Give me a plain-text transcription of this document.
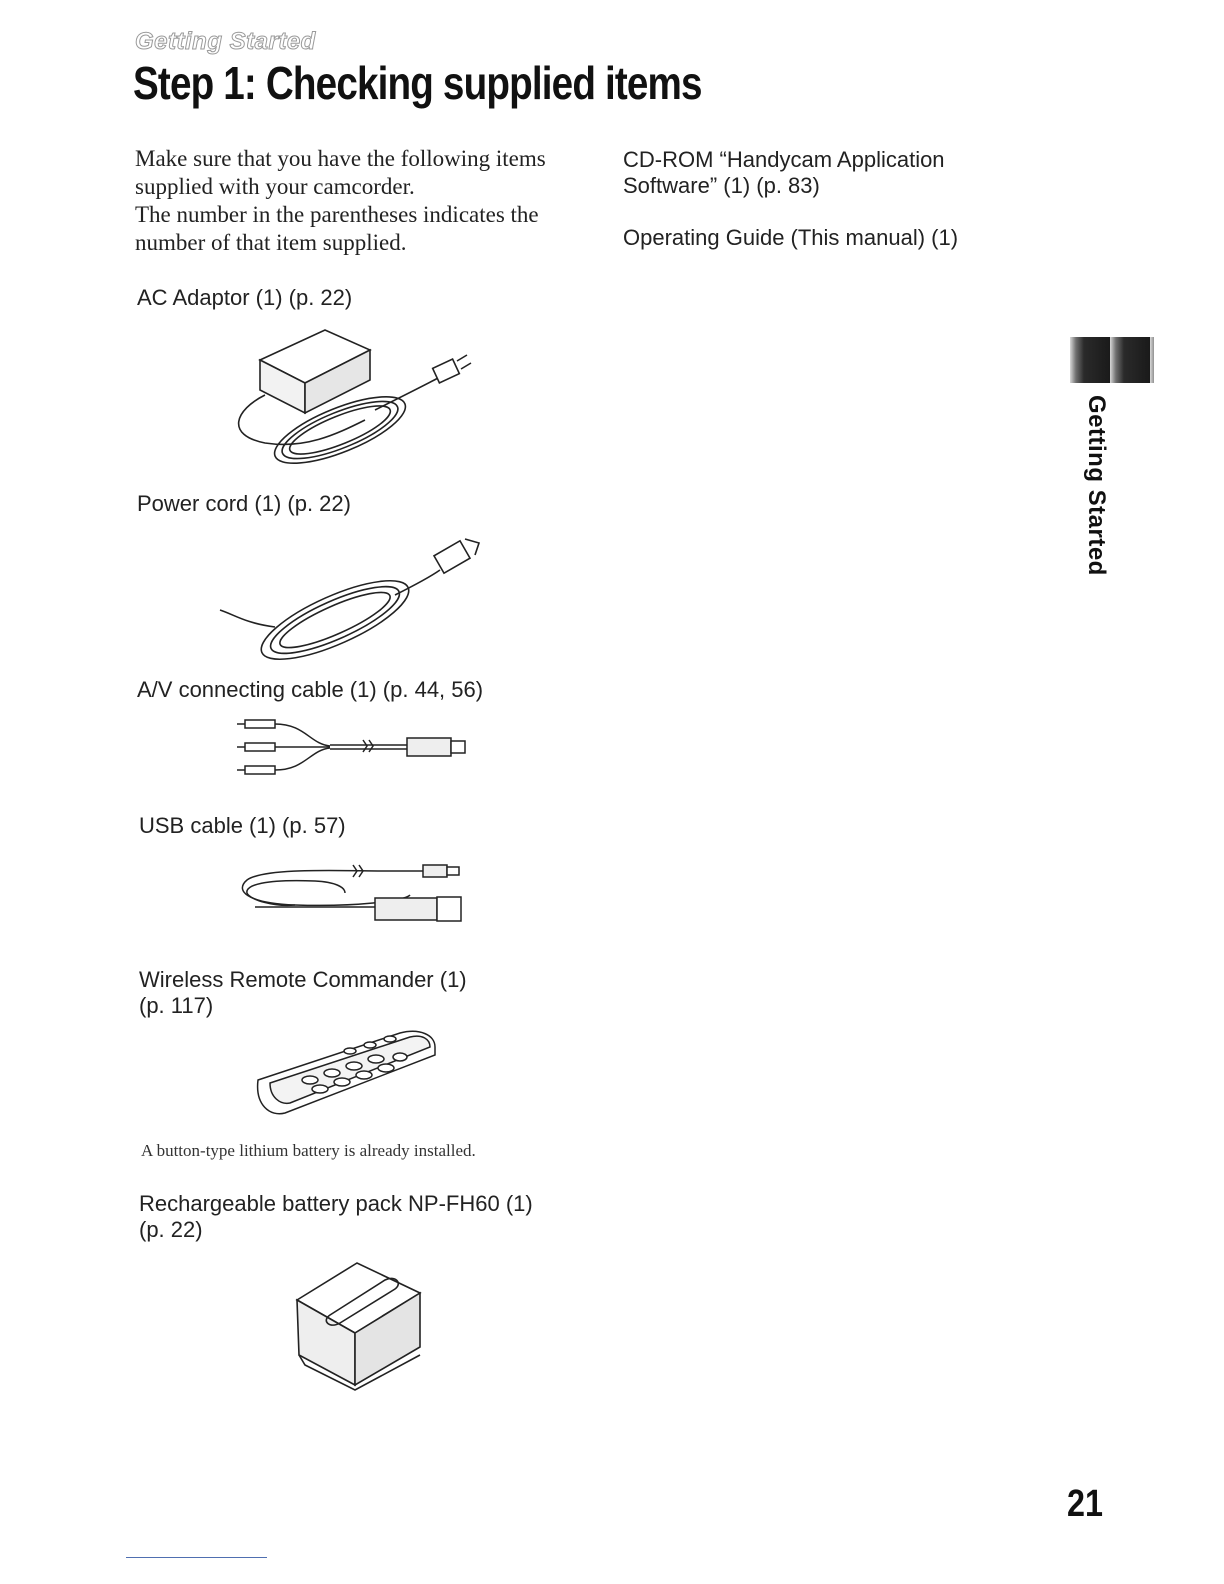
Getting Started
Step 1: Checking supplied items

Make sure that you have the following items supplied with your camcorder.

The number in the parentheses indicates the number of that item supplied.

CD-ROM “Handycam Application
Software” (1) (p. 83)
Operating Guide (This manual) (1)
AC Adaptor (1) (p. 22)
Power cord (1) (p. 22)
A/V connecting cable (1) (p. 44, 56)
USB cable (1) (p. 57)
Wireless Remote Commander (1)
(p. 117)
A button-type lithium battery is already installed.
Rechargeable battery pack NP-FH60 (1)
(p. 22)
Getting Started
21
